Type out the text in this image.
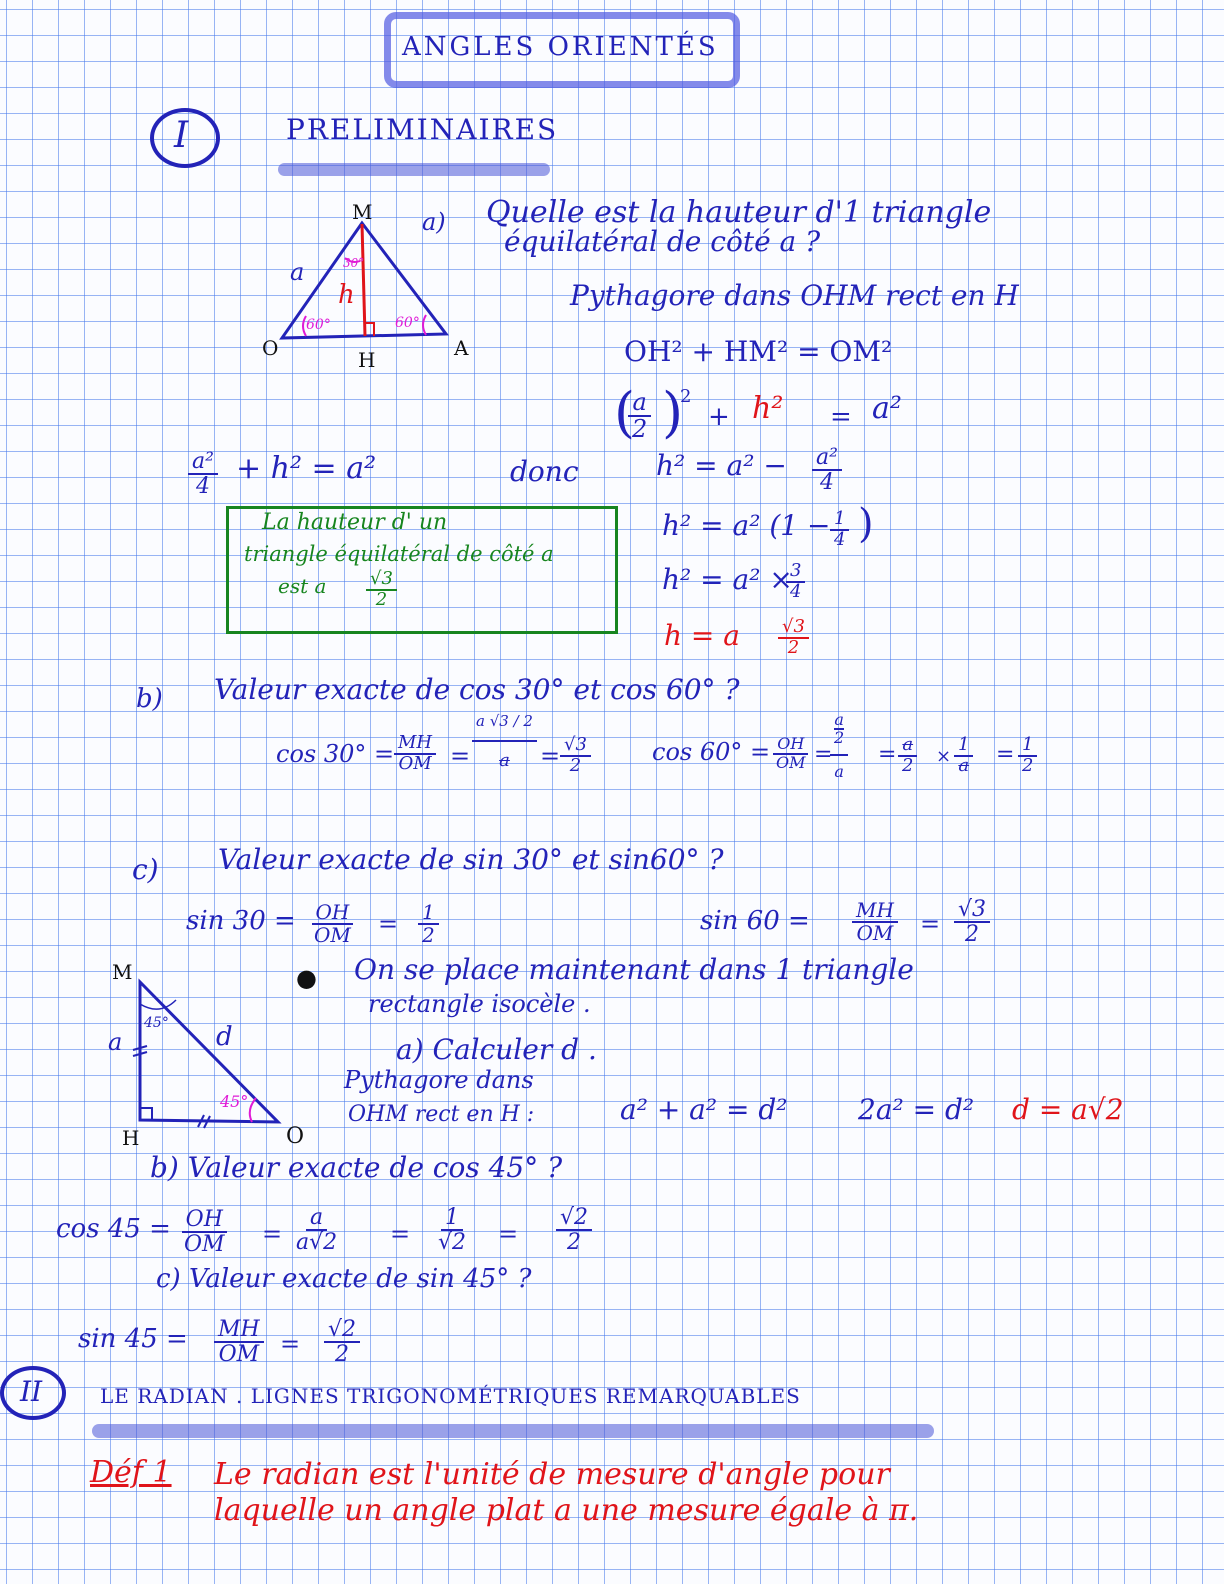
ANGLES ORIENTÉS
I	PRELIMINAIRES
M
O	A
H
a
h
30°
60°	60°
a) Quelle est la hauteur d'1 triangle
équilatéral de côté a ?
Pythagore dans OHM rect en H
OH² + HM² = OM²
(
$\frac{a}{2}$ )
2
+ h² = a²
$\frac{\text{a²}}{4} + h^2 = a^2$	donc	$h^2 = a^2 - \frac{\text{a²}}{4}$
h² = a² ($1 - \frac{1}{4}$ )
h² = a² ×
$\frac{3}{4}$
h = a $\frac{√3}{2}$
La hauteur d' un
triangle équilatéral de côté a
est a $\frac{√3}{2}$
b) Valeur exacte de cos 30° et cos 60° ?
$\cos 30^\circ = \frac{MH}{OM}$ =
a √3 / 2
$a = \frac{√3}{2}$	$\cos 60^\circ = \frac{OH}{OM}$ =
$\frac{\frac{a}{2}}{a} = \frac{a}{2} \times \frac{1}{a} = \frac{1}{2}$
c) Valeur exacte de sin 30° et sin60° ?
$\sin 30 = \frac{OH}{OM} = \frac{1}{2}$	$\sin 60 = \frac{MH}{OM} = \frac{√3}{2}$
M
H	O
a	d
45°
45°
● On se place maintenant dans 1 triangle
rectangle isocèle .
a) Calculer d .
Pythagore dans
OHM rect en H :	a² + a² = d²	2a² = d² d = a√2
b) Valeur exacte de cos 45° ?
$\cos 45 = \frac{OH}{OM} = \frac{a}{a√2} = \frac{1}{√2} = \frac{√2}{2}$
c) Valeur exacte de sin 45° ?
$\sin 45 = \frac{MH}{OM} = \frac{√2}{2}$
II	LE RADIAN . LIGNES TRIGONOMÉTRIQUES REMARQUABLES
Déf 1 Le radian est l'unité de mesure d'angle pour
laquelle un angle plat a une mesure égale à π.
